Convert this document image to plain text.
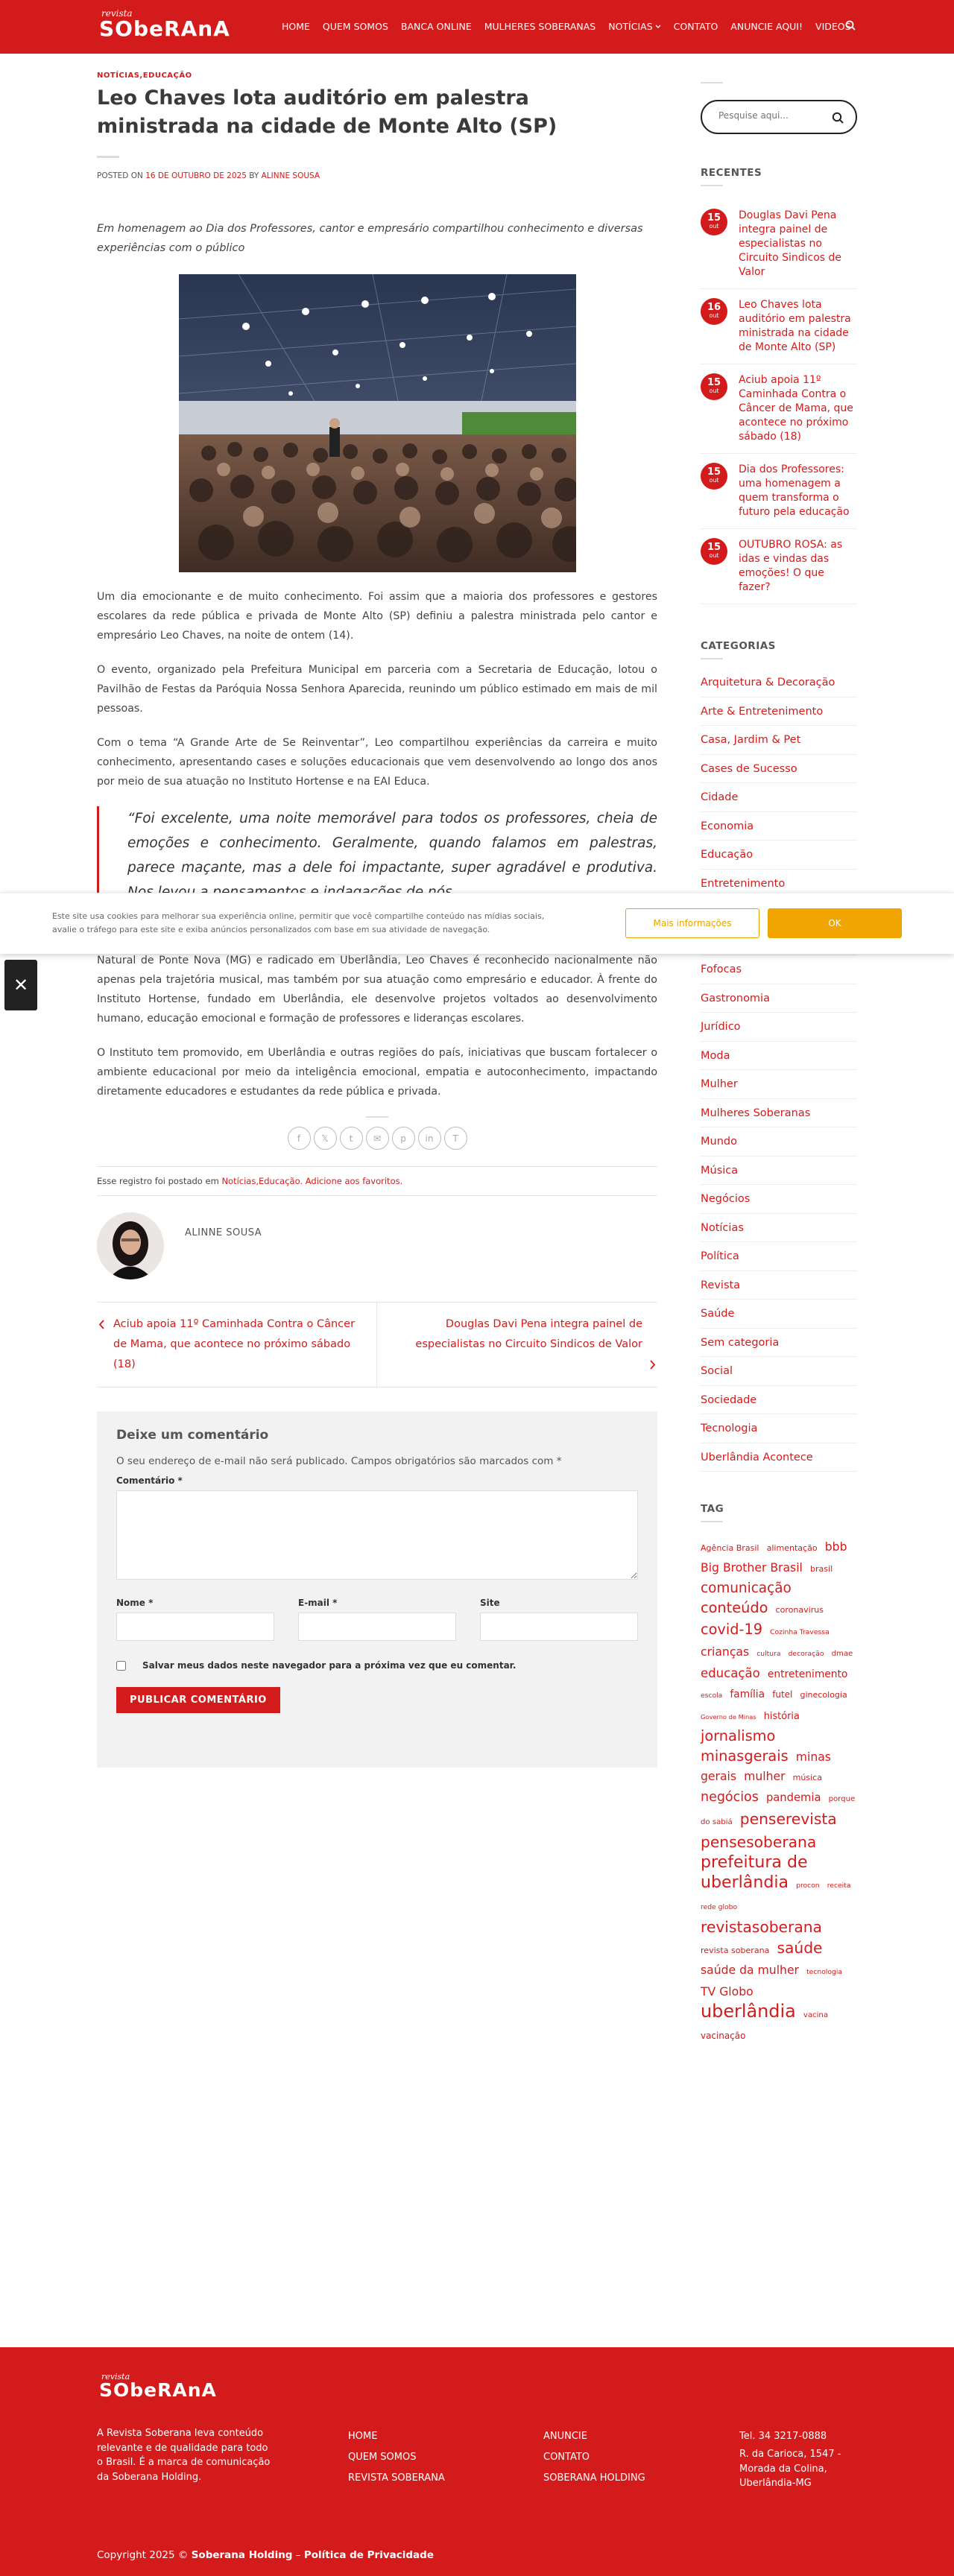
revista
SObeRAnA	HOME QUEM SOMOS BANCA ONLINE MULHERES SOBERANAS NOTÍCIAS CONTATO ANUNCIE AQUI! VIDEOS
NOTÍCIAS,EDUCAÇÃO
Leo Chaves lota auditório em palestra ministrada na cidade de Monte Alto (SP)
POSTED ON 16 DE OUTUBRO DE 2025 BY ALINNE SOUSA

Em homenagem ao Dia dos Professores, cantor e empresário compartilhou conhecimento e diversas experiências com o público

Um dia emocionante e de muito conhecimento. Foi assim que a maioria dos professores e gestores escolares da rede pública e privada de Monte Alto (SP) definiu a palestra ministrada pelo cantor e empresário Leo Chaves, na noite de ontem (14).

O evento, organizado pela Prefeitura Municipal em parceria com a Secretaria de Educação, lotou o Pavilhão de Festas da Paróquia Nossa Senhora Aparecida, reunindo um público estimado em mais de mil pessoas.

Com o tema “A Grande Arte de Se Reinventar”, Leo compartilhou experiências da carreira e muito conhecimento, apresentando cases e soluções educacionais que vem desenvolvendo ao longo dos anos por meio de sua atuação no Instituto Hortense e na EAI Educa.

“Foi excelente, uma noite memorável para todos os professores, cheia de emoções e conhecimento. Geralmente, quando falamos em palestras, parece maçante, mas a dele foi impactante, super agradável e produtiva.

Natural de Ponte Nova (MG) e radicado em Uberlândia, Leo Chaves é reconhecido nacionalmente não apenas pela trajetória musical, mas também por sua atuação como empresário e educador. À frente do Instituto Hortense, fundado em Uberlândia, ele desenvolve projetos voltados ao desenvolvimento humano, educação emocional e formação de professores e lideranças escolares.

O Instituto tem promovido, em Uberlândia e outras regiões do país, iniciativas que buscam fortalecer o ambiente educacional por meio da inteligência emocional, empatia e autoconhecimento, impactando diretamente educadores e estudantes da rede pública e privada.

f	𝕏	t	✉	p	in	T
Esse registro foi postado em Notícias,Educação. Adicione aos favoritos.
ALINNE SOUSA
Aciub apoia 11º Caminhada Contra o Câncer de Mama, que acontece no próximo sábado (18)
Douglas Davi Pena integra painel de especialistas no Circuito Sindicos de Valor
Deixe um comentário

O seu endereço de e-mail não será publicado. Campos obrigatórios são marcados com *

Comentário *
Nome *	E-mail *	Site
Salvar meus dados neste navegador para a próxima vez que eu comentar.
PUBLICAR COMENTÁRIO
Pesquise aqui...
RECENTES
15
out
Douglas Davi Pena integra painel de especialistas no Circuito Sindicos de Valor
16
out
Leo Chaves lota auditório em palestra ministrada na cidade de Monte Alto (SP)
15
out
Aciub apoia 11º Caminhada Contra o Câncer de Mama, que acontece no próximo sábado (18)
15
out
Dia dos Professores: uma homenagem a quem transforma o futuro pela educação
15
out
OUTUBRO ROSA: as idas e vindas das emoções! O que fazer?
CATEGORIAS
Arquitetura & Decoração
Arte & Entretenimento
Casa, Jardim & Pet
Cases de Sucesso
Cidade
Economia
Educação
Entretenimento
Fofocas
Gastronomia
Jurídico
Moda
Mulher
Mulheres Soberanas
Mundo
Música
Negócios
Notícias
Política
Revista
Saúde
Sem categoria
Social
Sociedade
Tecnologia
Uberlândia Acontece
TAG
Agência Brasil alimentação bbb Big Brother Brasil brasil comunicação conteúdo coronavirus covid-19 Cozinha Travessa crianças cultura decoração dmae educação entretenimento escola família futel ginecologia Governo de Minas história jornalismo minasgerais minas gerais mulher música negócios pandemia porque do sabiá penserevista pensesoberana prefeitura de uberlândia procon receita rede globo revistasoberana revista soberana saúde saúde da mulher tecnologia TV Globo uberlândia vacina vacinação

Este site usa cookies para melhorar sua experiência online, permitir que você compartilhe conteúdo nas mídias sociais, avalie o tráfego para este site e exiba anúncios personalizados com base em sua atividade de navegação.

Mais informações	OK
✕
revista
SObeRAnA
A Revista Soberana leva conteúdo relevante e de qualidade para todo o Brasil. É a marca de comunicação da Soberana Holding.
HOME
QUEM SOMOS
REVISTA SOBERANA
ANUNCIE
CONTATO
SOBERANA HOLDING
Tel. 34 3217-0888
R. da Carioca, 1547 - Morada da Colina, Uberlândia-MG
Copyright 2025 © Soberana Holding – Política de Privacidade
